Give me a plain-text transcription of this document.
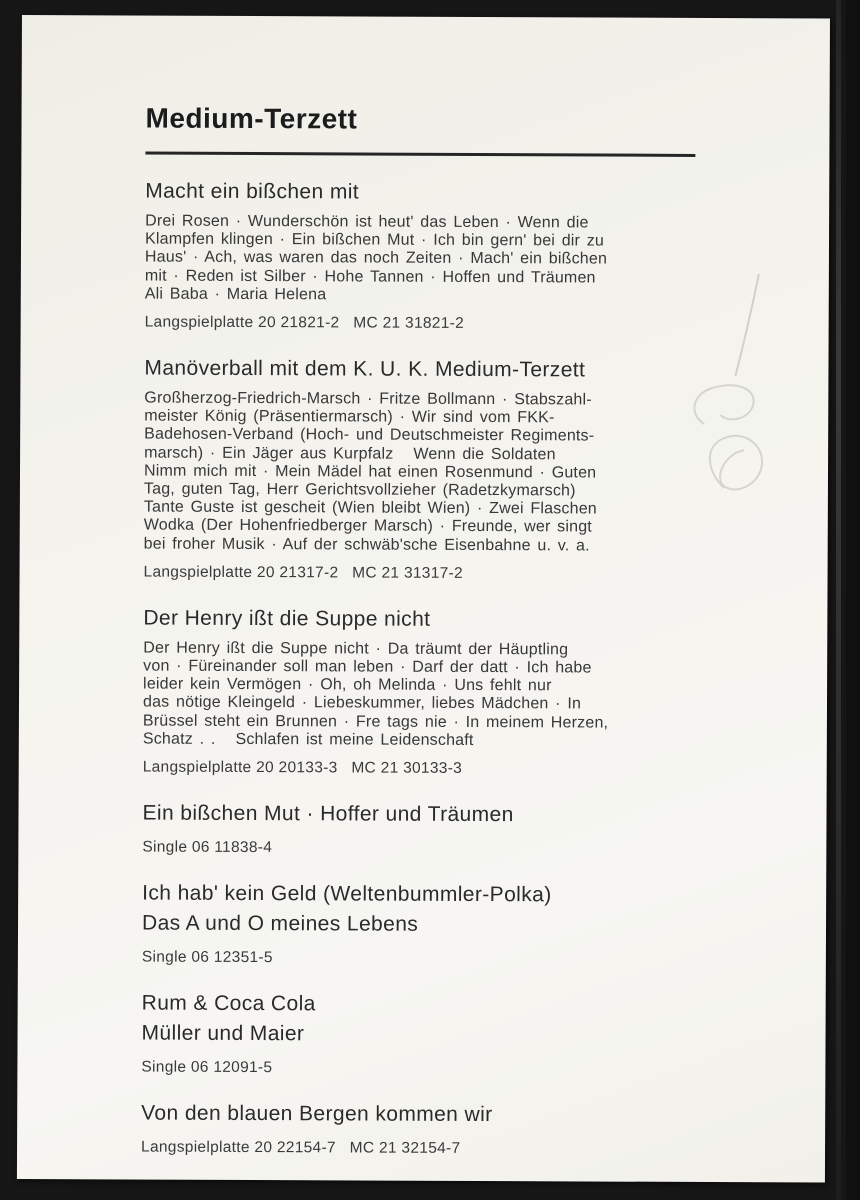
Medium-Terzett
Macht ein bißchen mit
Drei Rosen · Wunderschön ist heut' das Leben · Wenn die
Klampfen klingen · Ein bißchen Mut · Ich bin gern' bei dir zu
Haus' · Ach, was waren das noch Zeiten · Mach' ein bißchen
mit · Reden ist Silber · Hohe Tannen · Hoffen und Träumen
Ali Baba · Maria Helena
Langspielplatte 20 21821-2   MC 21 31821-2
Manöverball mit dem K. U. K. Medium-Terzett
Großherzog-Friedrich-Marsch · Fritze Bollmann · Stabszahl-
meister König (Präsentiermarsch) · Wir sind vom FKK-
Badehosen-Verband (Hoch- und Deutschmeister Regiments-
marsch) · Ein Jäger aus Kurpfalz   Wenn die Soldaten
Nimm mich mit · Mein Mädel hat einen Rosenmund · Guten
Tag, guten Tag, Herr Gerichtsvollzieher (Radetzkymarsch)
Tante Guste ist gescheit (Wien bleibt Wien) · Zwei Flaschen
Wodka (Der Hohenfriedberger Marsch) · Freunde, wer singt
bei froher Musik · Auf der schwäb'sche Eisenbahne u. v. a.
Langspielplatte 20 21317-2   MC 21 31317-2
Der Henry ißt die Suppe nicht
Der Henry ißt die Suppe nicht · Da träumt der Häuptling
von · Füreinander soll man leben · Darf der datt · Ich habe
leider kein Vermögen · Oh, oh Melinda · Uns fehlt nur
das nötige Kleingeld · Liebeskummer, liebes Mädchen · In
Brüssel steht ein Brunnen · Fre tags nie · In meinem Herzen,
Schatz . .   Schlafen ist meine Leidenschaft
Langspielplatte 20 20133-3   MC 21 30133-3
Ein bißchen Mut · Hoffer und Träumen
Single 06 11838-4
Ich hab' kein Geld (Weltenbummler-Polka)
Das A und O meines Lebens
Single 06 12351-5
Rum & Coca Cola
Müller und Maier
Single 06 12091-5
Von den blauen Bergen kommen wir
Langspielplatte 20 22154-7   MC 21 32154-7
